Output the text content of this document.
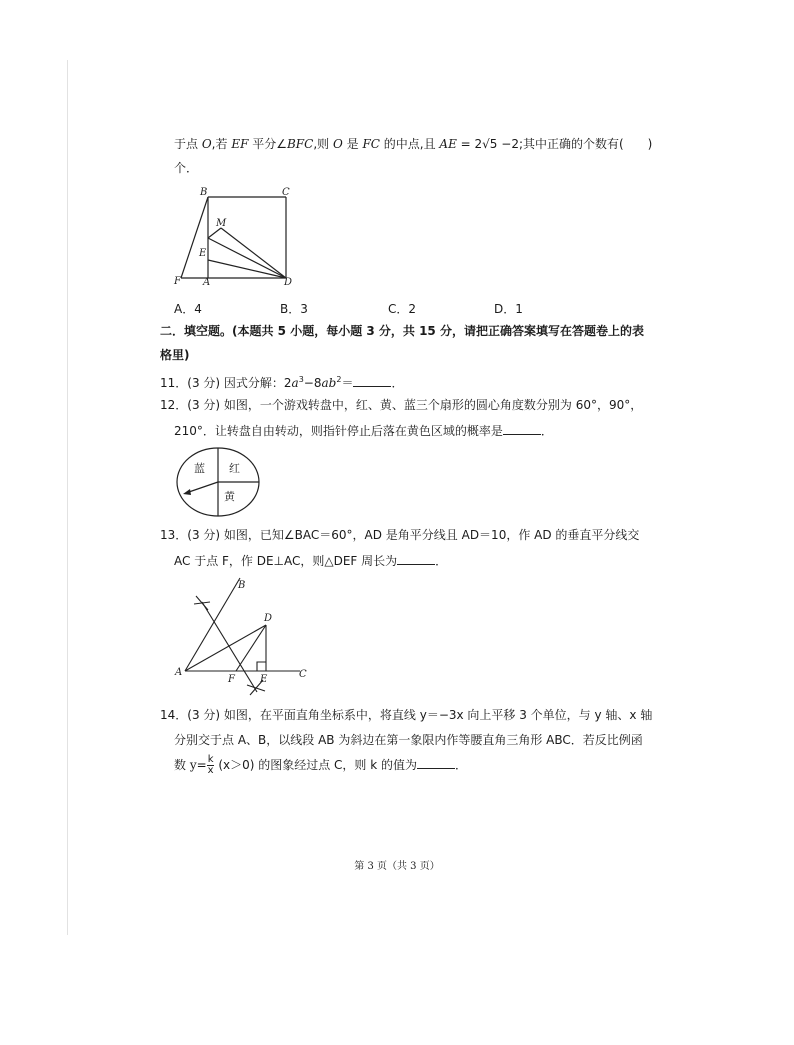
于点 O,若 EF 平分∠BFC,则 O 是 FC 的中点,且 AE = 2√5 −2;其中正确的个数有(　　)
个．
B	C
M
E
F A	D
A．4	B．3	C．2	D．1
二．填空题。(本题共 5 小题，每小题 3 分，共 15 分，请把正确答案填写在答题卷上的表
格里)
11．(3 分) 因式分解：$2a^3-8ab^2=$	．
12．(3 分) 如图，一个游戏转盘中，红、黄、蓝三个扇形的圆心角度数分别为 60°，90°，
210°．让转盘自由转动，则指针停止后落在黄色区域的概率是	．
蓝 红
黄
13．(3 分) 如图，已知∠BAC＝60°，AD 是角平分线且 AD＝10，作 AD 的垂直平分线交
AC 于点 F，作 DE⊥AC，则△DEF 周长为	．
B
D
A
F	E	C
14．(3 分) 如图，在平面直角坐标系中，将直线 y＝−3x 向上平移 3 个单位，与 y 轴、x 轴
分别交于点 A、B，以线段 AB 为斜边在第一象限内作等腰直角三角形 ABC．若反比例函
数 $y= \frac{k}{x} (x>0)$ 的图象经过点 C，则 k 的值为	．
第 3 页（共 3 页）
